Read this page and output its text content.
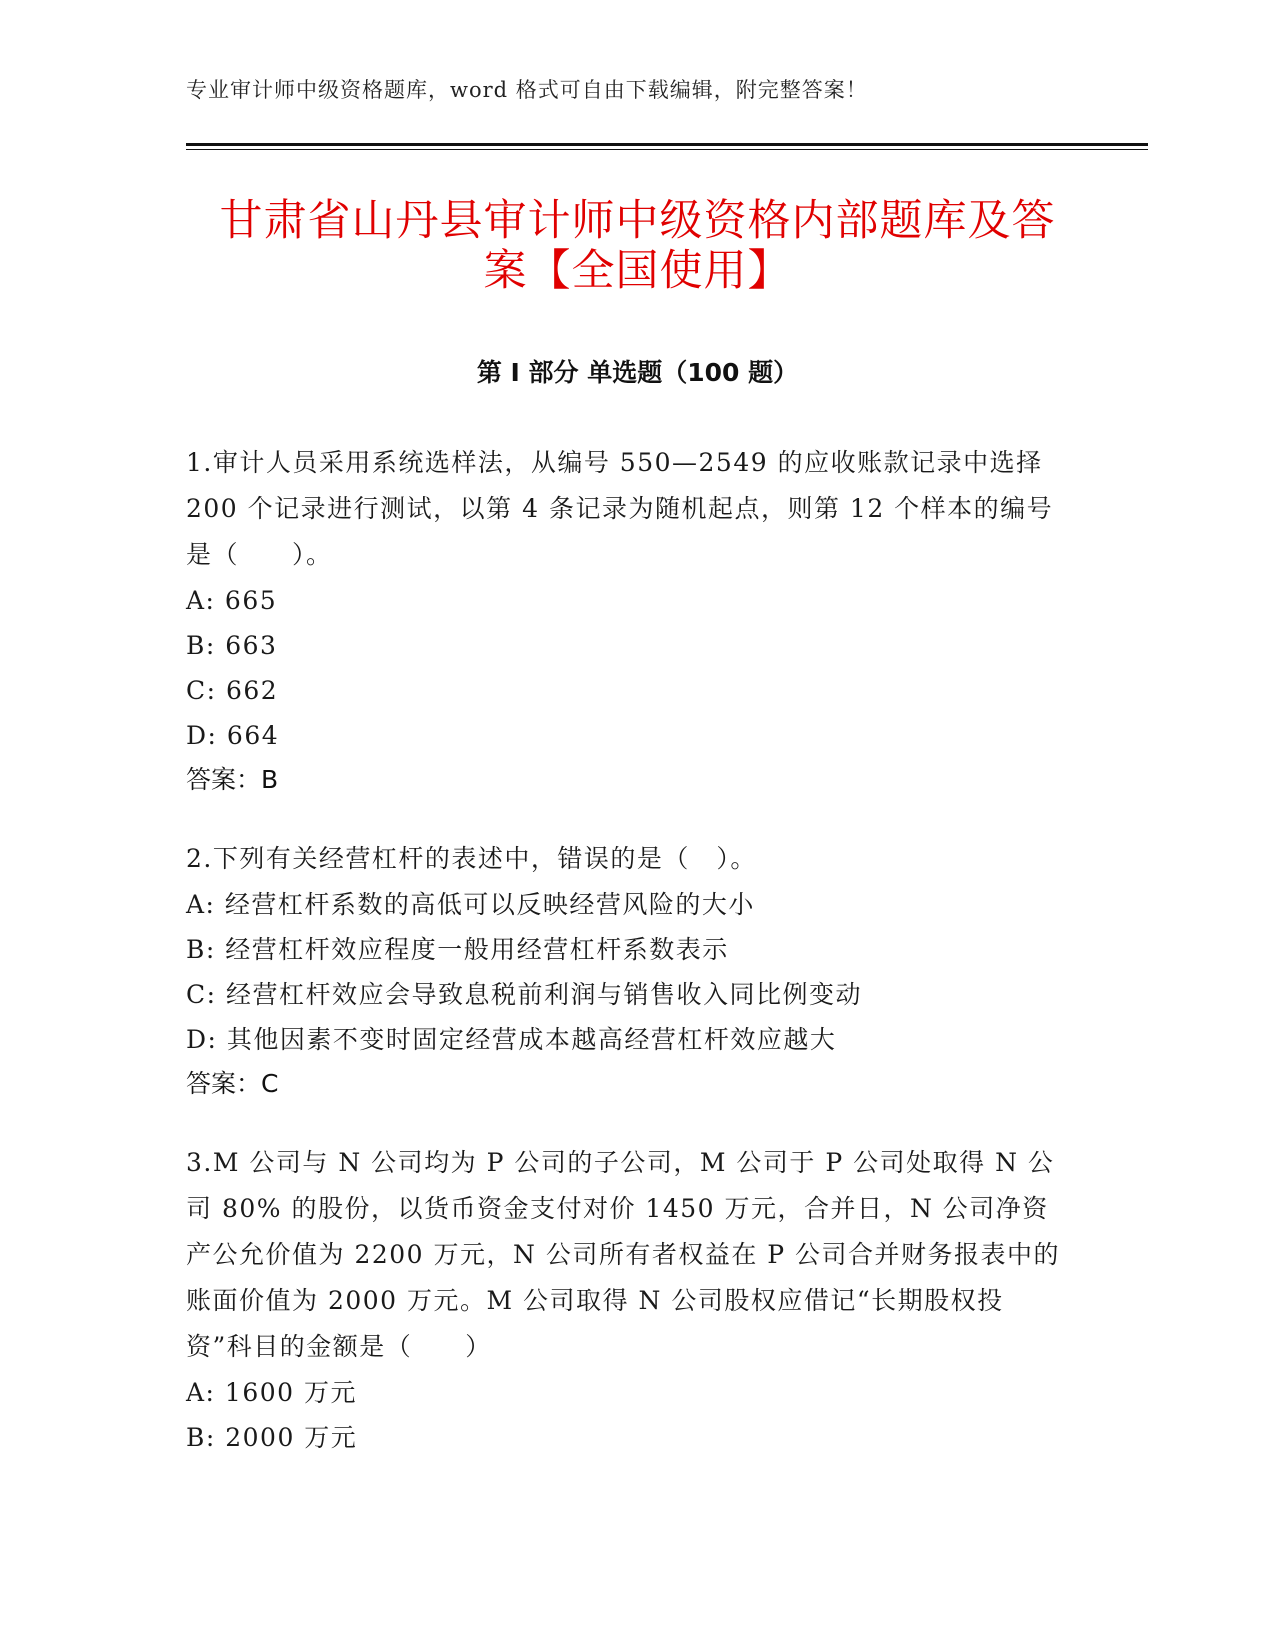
专业审计师中级资格题库，word 格式可自由下载编辑，附完整答案！
甘肃省山丹县审计师中级资格内部题库及答
案【全国使用】
第 I 部分 单选题（100 题）

1.审计人员采用系统选样法，从编号 550—2549 的应收账款记录中选择 200 个记录进行测试，以第 4 条记录为随机起点，则第 12 个样本的编号是（　　）。

A: 665

B: 663

C: 662

D: 664

答案：B

2.下列有关经营杠杆的表述中，错误的是（　）。

A: 经营杠杆系数的高低可以反映经营风险的大小

B: 经营杠杆效应程度一般用经营杠杆系数表示

C: 经营杠杆效应会导致息税前利润与销售收入同比例变动

D: 其他因素不变时固定经营成本越高经营杠杆效应越大

答案：C

3.M 公司与 N 公司均为 P 公司的子公司，M 公司于 P 公司处取得 N 公司 80% 的股份，以货币资金支付对价 1450 万元，合并日，N 公司净资产公允价值为 2200 万元，N 公司所有者权益在 P 公司合并财务报表中的账面价值为 2000 万元。M 公司取得 N 公司股权应借记“长期股权投资”科目的金额是（　　）

A: 1600 万元

B: 2000 万元
